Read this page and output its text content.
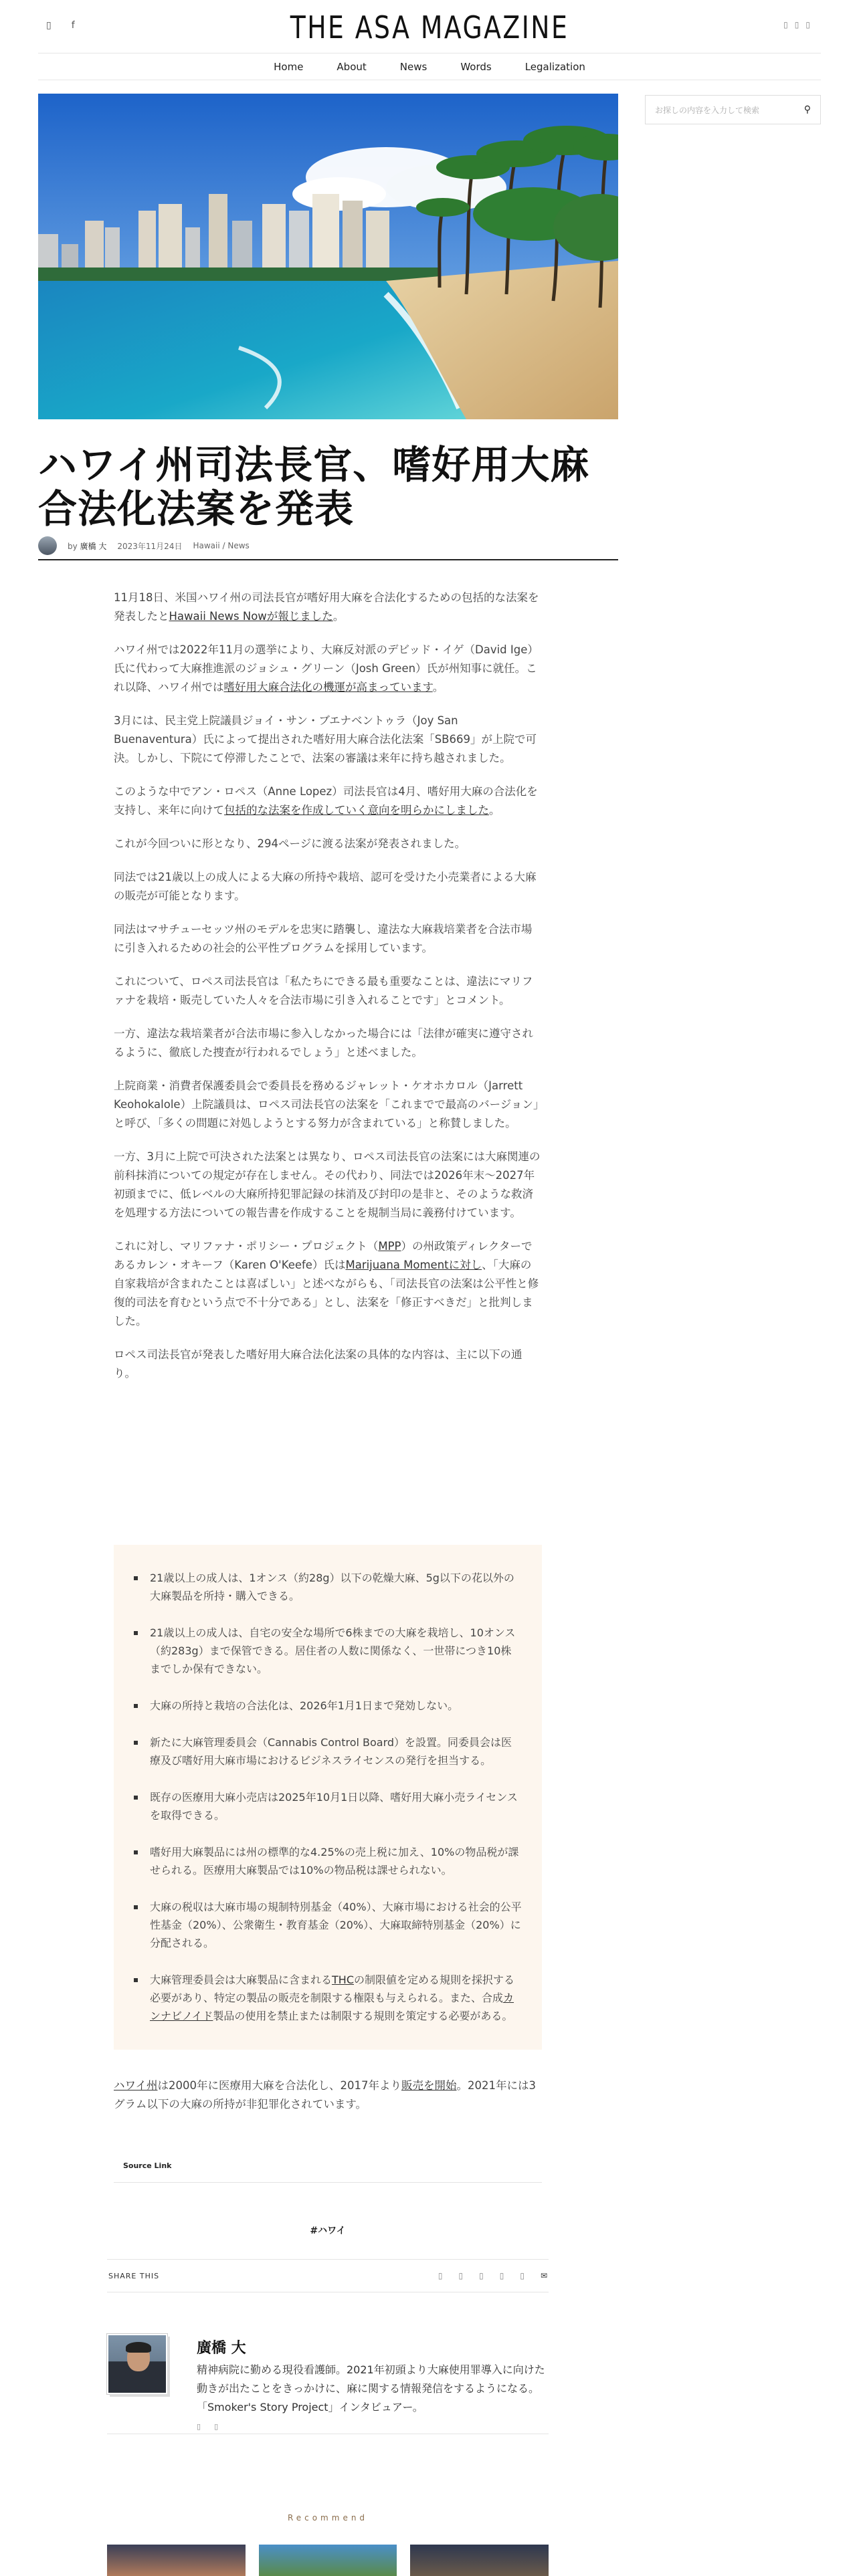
▯ f	THE ASA MAGAZINE	▯ ▯ ▯
Home	About	News	Words	Legalization
お探しの内容を入力して検索	⚲
ハワイ州司法長官、嗜好用大麻合法化法案を発表
by 廣橋 大 2023年11月24日 Hawaii / News

11月18日、米国ハワイ州の司法長官が嗜好用大麻を合法化するための包括的な法案を発表したとHawaii News Nowが報じました。

ハワイ州では2022年11月の選挙により、大麻反対派のデビッド・イゲ（David Ige）氏に代わって大麻推進派のジョシュ・グリーン（Josh Green）氏が州知事に就任。これ以降、ハワイ州では嗜好用大麻合法化の機運が高まっています。

3月には、民主党上院議員ジョイ・サン・ブエナベントゥラ（Joy San Buenaventura）氏によって提出された嗜好用大麻合法化法案「SB669」が上院で可決。しかし、下院にて停滞したことで、法案の審議は来年に持ち越されました。

このような中でアン・ロペス（Anne Lopez）司法長官は4月、嗜好用大麻の合法化を支持し、来年に向けて包括的な法案を作成していく意向を明らかにしました。

これが今回ついに形となり、294ページに渡る法案が発表されました。

同法では21歳以上の成人による大麻の所持や栽培、認可を受けた小売業者による大麻の販売が可能となります。

同法はマサチューセッツ州のモデルを忠実に踏襲し、違法な大麻栽培業者を合法市場に引き入れるための社会的公平性プログラムを採用しています。

これについて、ロペス司法長官は「私たちにできる最も重要なことは、違法にマリファナを栽培・販売していた人々を合法市場に引き入れることです」とコメント。

一方、違法な栽培業者が合法市場に参入しなかった場合には「法律が確実に遵守されるように、徹底した捜査が行われるでしょう」と述べました。

上院商業・消費者保護委員会で委員長を務めるジャレット・ケオホカロル（Jarrett Keohokalole）上院議員は、ロペス司法長官の法案を「これまでで最高のバージョン」と呼び、「多くの問題に対処しようとする努力が含まれている」と称賛しました。

一方、3月に上院で可決された法案とは異なり、ロペス司法長官の法案には大麻関連の前科抹消についての規定が存在しません。その代わり、同法では2026年末〜2027年初頭までに、低レベルの大麻所持犯罪記録の抹消及び封印の是非と、そのような救済を処理する方法についての報告書を作成することを規制当局に義務付けています。

これに対し、マリファナ・ポリシー・プロジェクト（MPP）の州政策ディレクターであるカレン・オキーフ（Karen O'Keefe）氏はMarijuana Momentに対し、「大麻の自家栽培が含まれたことは喜ばしい」と述べながらも、「司法長官の法案は公平性と修復的司法を育むという点で不十分である」とし、法案を「修正すべきだ」と批判しました。

ロペス司法長官が発表した嗜好用大麻合法化法案の具体的な内容は、主に以下の通り。

21歳以上の成人は、1オンス（約28g）以下の乾燥大麻、5g以下の花以外の大麻製品を所持・購入できる。
21歳以上の成人は、自宅の安全な場所で6株までの大麻を栽培し、10オンス（約283g）まで保管できる。居住者の人数に関係なく、一世帯につき10株までしか保有できない。
大麻の所持と栽培の合法化は、2026年1月1日まで発効しない。
新たに大麻管理委員会（Cannabis Control Board）を設置。同委員会は医療及び嗜好用大麻市場におけるビジネスライセンスの発行を担当する。
既存の医療用大麻小売店は2025年10月1日以降、嗜好用大麻小売ライセンスを取得できる。
嗜好用大麻製品には州の標準的な4.25%の売上税に加え、10%の物品税が課せられる。医療用大麻製品では10%の物品税は課せられない。
大麻の税収は大麻市場の規制特別基金（40%）、大麻市場における社会的公平性基金（20%）、公衆衛生・教育基金（20%）、大麻取締特別基金（20%）に分配される。
大麻管理委員会は大麻製品に含まれるTHCの制限値を定める規則を採択する必要があり、特定の製品の販売を制限する権限も与えられる。また、合成カンナビノイド製品の使用を禁止または制限する規則を策定する必要がある。

ハワイ州は2000年に医療用大麻を合法化し、2017年より販売を開始。2021年には3グラム以下の大麻の所持が非犯罪化されています。

Source Link
#ハワイ
SHARE THIS	▯ ▯ ▯ ▯ ▯ ✉
廣橋 大
精神病院に勤める現役看護師。2021年初頭より大麻使用罪導入に向けた動きが出たことをきっかけに、麻に関する情報発信をするようになる。「Smoker's Story Project」インタビュアー。
▯ ▯
Recommend
